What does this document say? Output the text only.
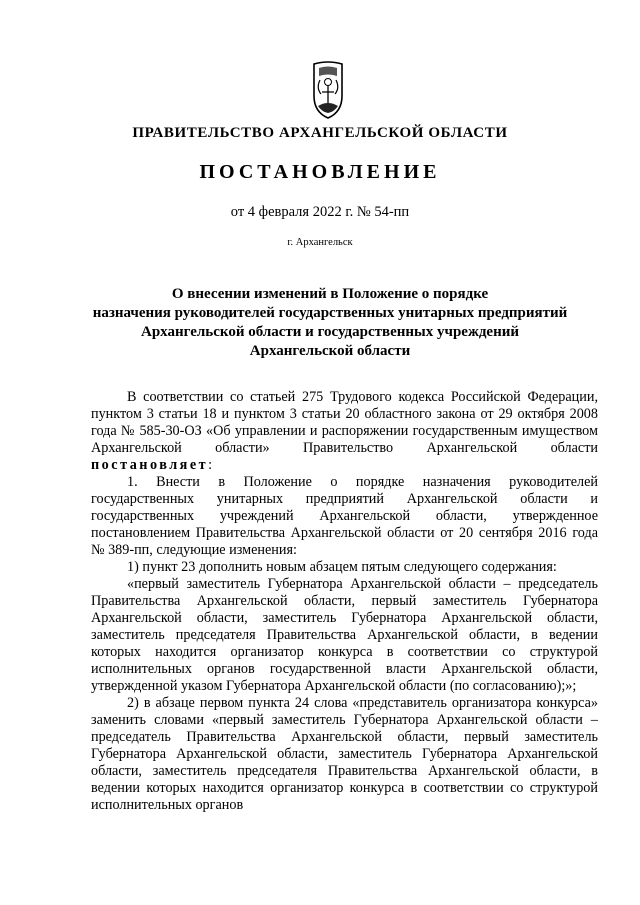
ПРАВИТЕЛЬСТВО АРХАНГЕЛЬСКОЙ ОБЛАСТИ
ПОСТАНОВЛЕНИЕ
от 4 февраля 2022 г. № 54-пп
г. Архангельск
О внесении изменений в Положение о порядке
назначения руководителей государственных унитарных предприятий
Архангельской области и государственных учреждений
Архангельской области

В соответствии со статьей 275 Трудового кодекса Российской Федерации, пунктом 3 статьи 18 и пунктом 3 статьи 20 областного закона от 29 октября 2008 года № 585-30-ОЗ «Об управлении и распоряжении государственным имуществом Архангельской области» Правительство Архангельской области постановляет:

1. Внести в Положение о порядке назначения руководителей государственных унитарных предприятий Архангельской области и государственных учреждений Архангельской области, утвержденное постановлением Правительства Архангельской области от 20 сентября 2016 года № 389-пп, следующие изменения:

1) пункт 23 дополнить новым абзацем пятым следующего содержания:

«первый заместитель Губернатора Архангельской области – председатель Правительства Архангельской области, первый заместитель Губернатора Архангельской области, заместитель Губернатора Архангельской области, заместитель председателя Правительства Архангельской области, в ведении которых находится организатор конкурса в соответствии со структурой исполнительных органов государственной власти Архангельской области, утвержденной указом Губернатора Архангельской области (по согласованию);»;

2) в абзаце первом пункта 24 слова «представитель организатора конкурса» заменить словами «первый заместитель Губернатора Архангельской области – председатель Правительства Архангельской области, первый заместитель Губернатора Архангельской области, заместитель Губернатора Архангельской области, заместитель председателя Правительства Архангельской области, в ведении которых находится организатор конкурса в соответствии со структурой исполнительных органов
